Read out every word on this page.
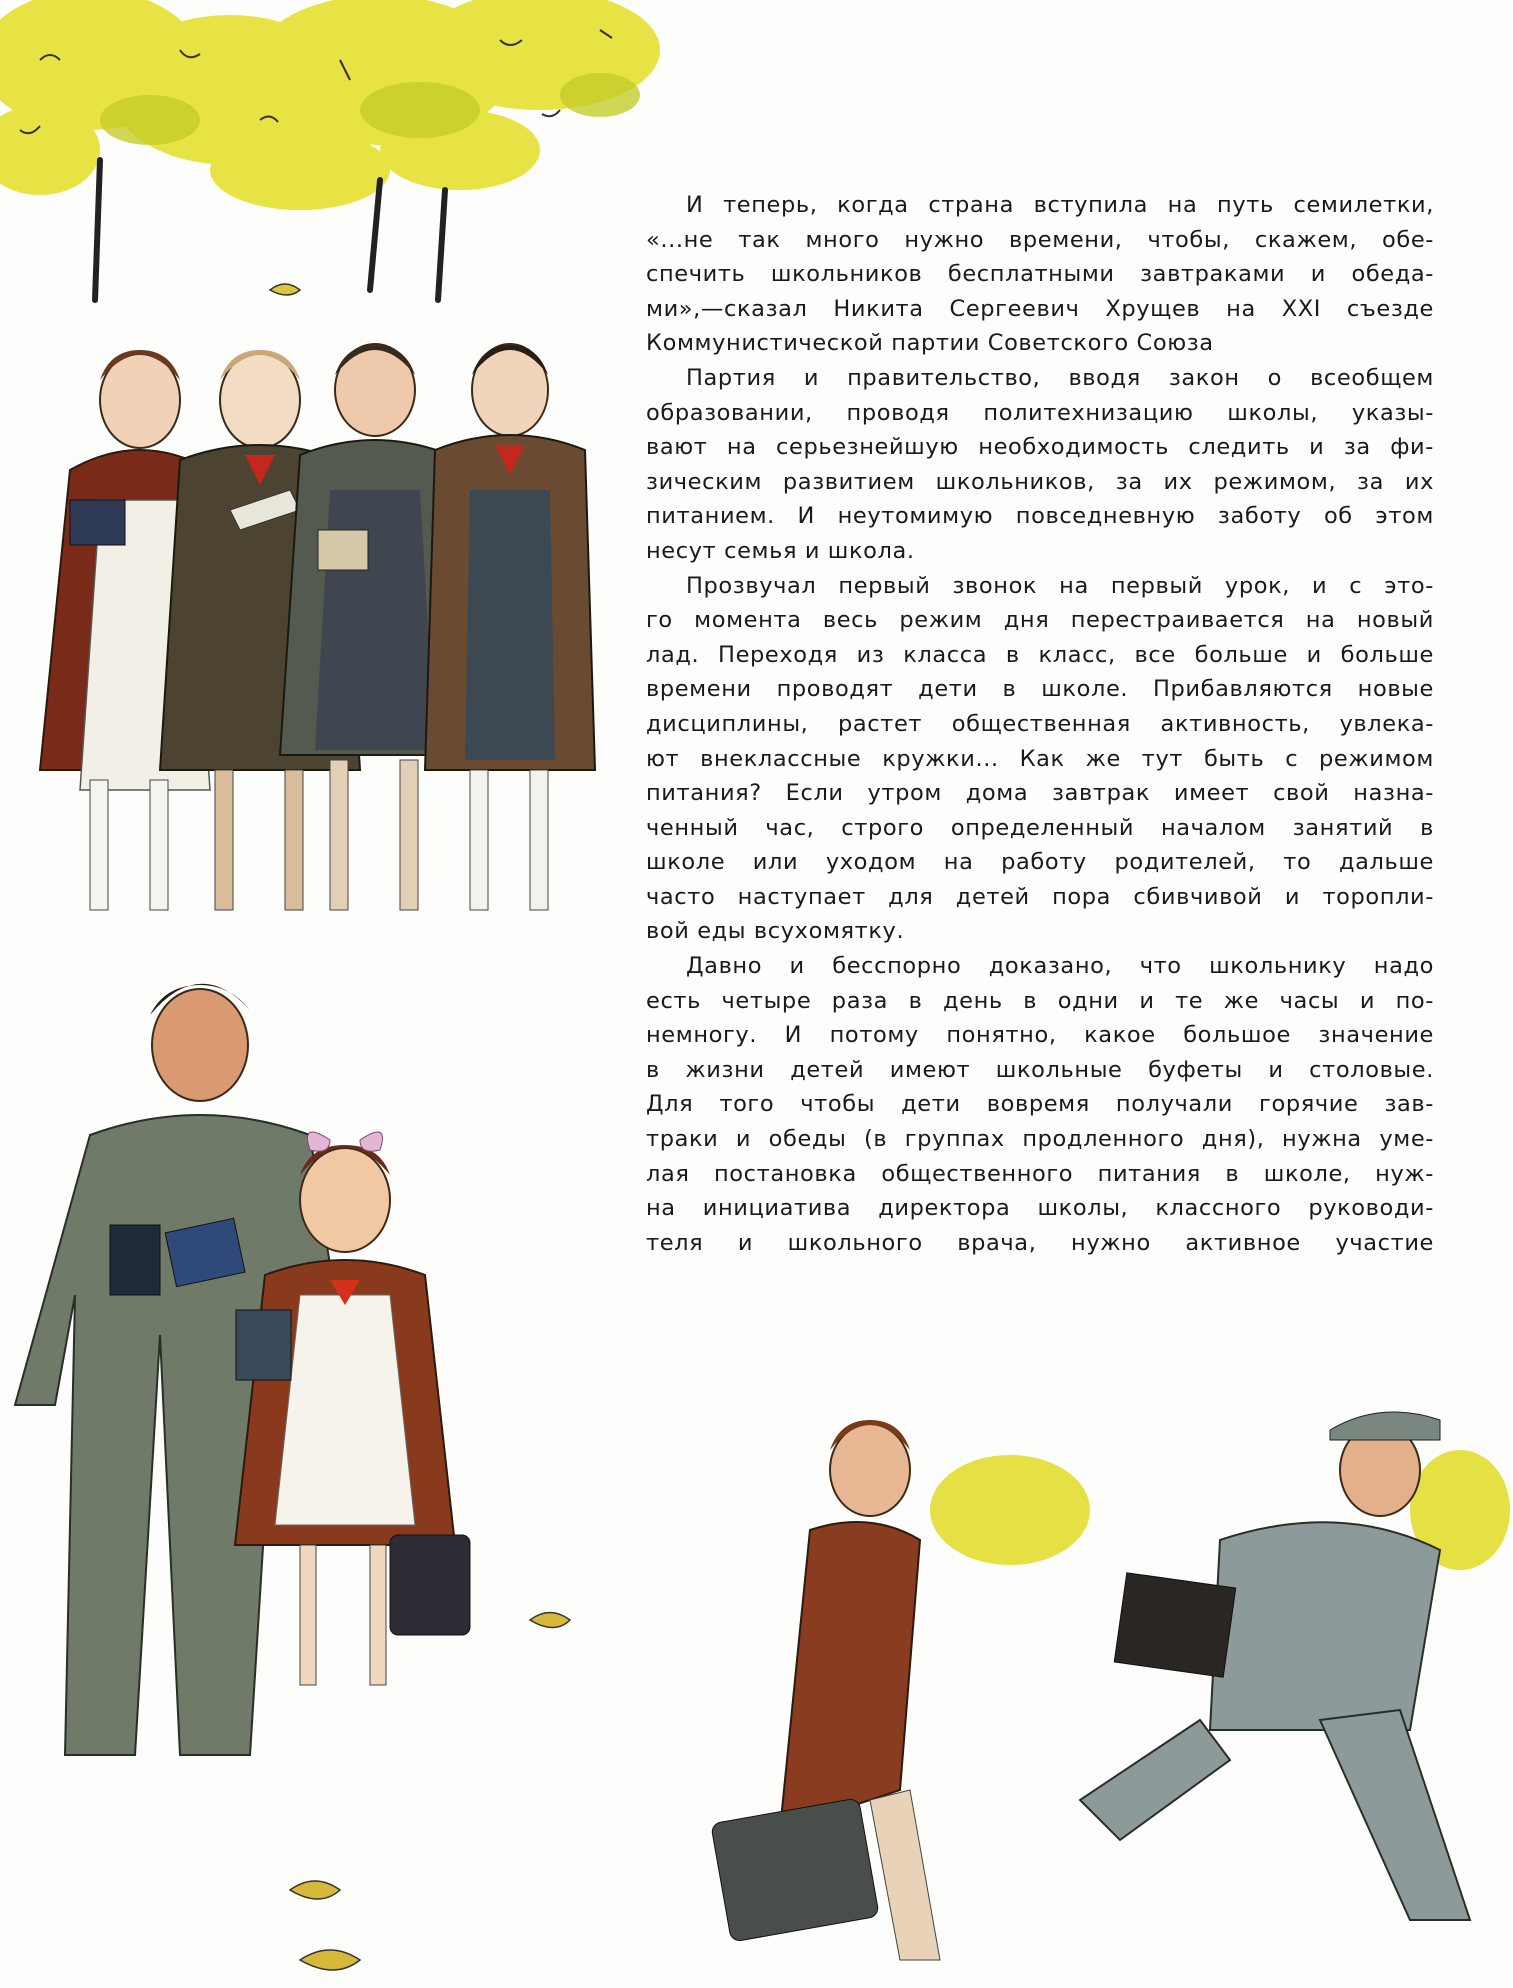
И теперь, когда страна вступила на путь семилетки,
«...не так много нужно времени, чтобы, скажем, обе-
спечить школьников бесплатными завтраками и обеда-
ми»,—сказал Никита Сергеевич Хрущев на XXI съезде
Коммунистической партии Советского Союза

Партия и правительство, вводя закон о всеобщем
образовании, проводя политехнизацию школы, указы-
вают на серьезнейшую необходимость следить и за фи-
зическим развитием школьников, за их режимом, за их
питанием. И неутомимую повседневную заботу об этом
несут семья и школа.

Прозвучал первый звонок на первый урок, и с это-
го момента весь режим дня перестраивается на новый
лад. Переходя из класса в класс, все больше и больше
времени проводят дети в школе. Прибавляются новые
дисциплины, растет общественная активность, увлека-
ют внеклассные кружки... Как же тут быть с режимом
питания? Если утром дома завтрак имеет свой назна-
ченный час, строго определенный началом занятий в
школе или уходом на работу родителей, то дальше
часто наступает для детей пора сбивчивой и торопли-
вой еды всухомятку.

Давно и бесспорно доказано, что школьнику надо
есть четыре раза в день в одни и те же часы и по-
немногу. И потому понятно, какое большое значение
в жизни детей имеют школьные буфеты и столовые.
Для того чтобы дети вовремя получали горячие зав-
траки и обеды (в группах продленного дня), нужна уме-
лая постановка общественного питания в школе, нуж-
на инициатива директора школы, классного руководи-
теля и школьного врача, нужно активное участие
